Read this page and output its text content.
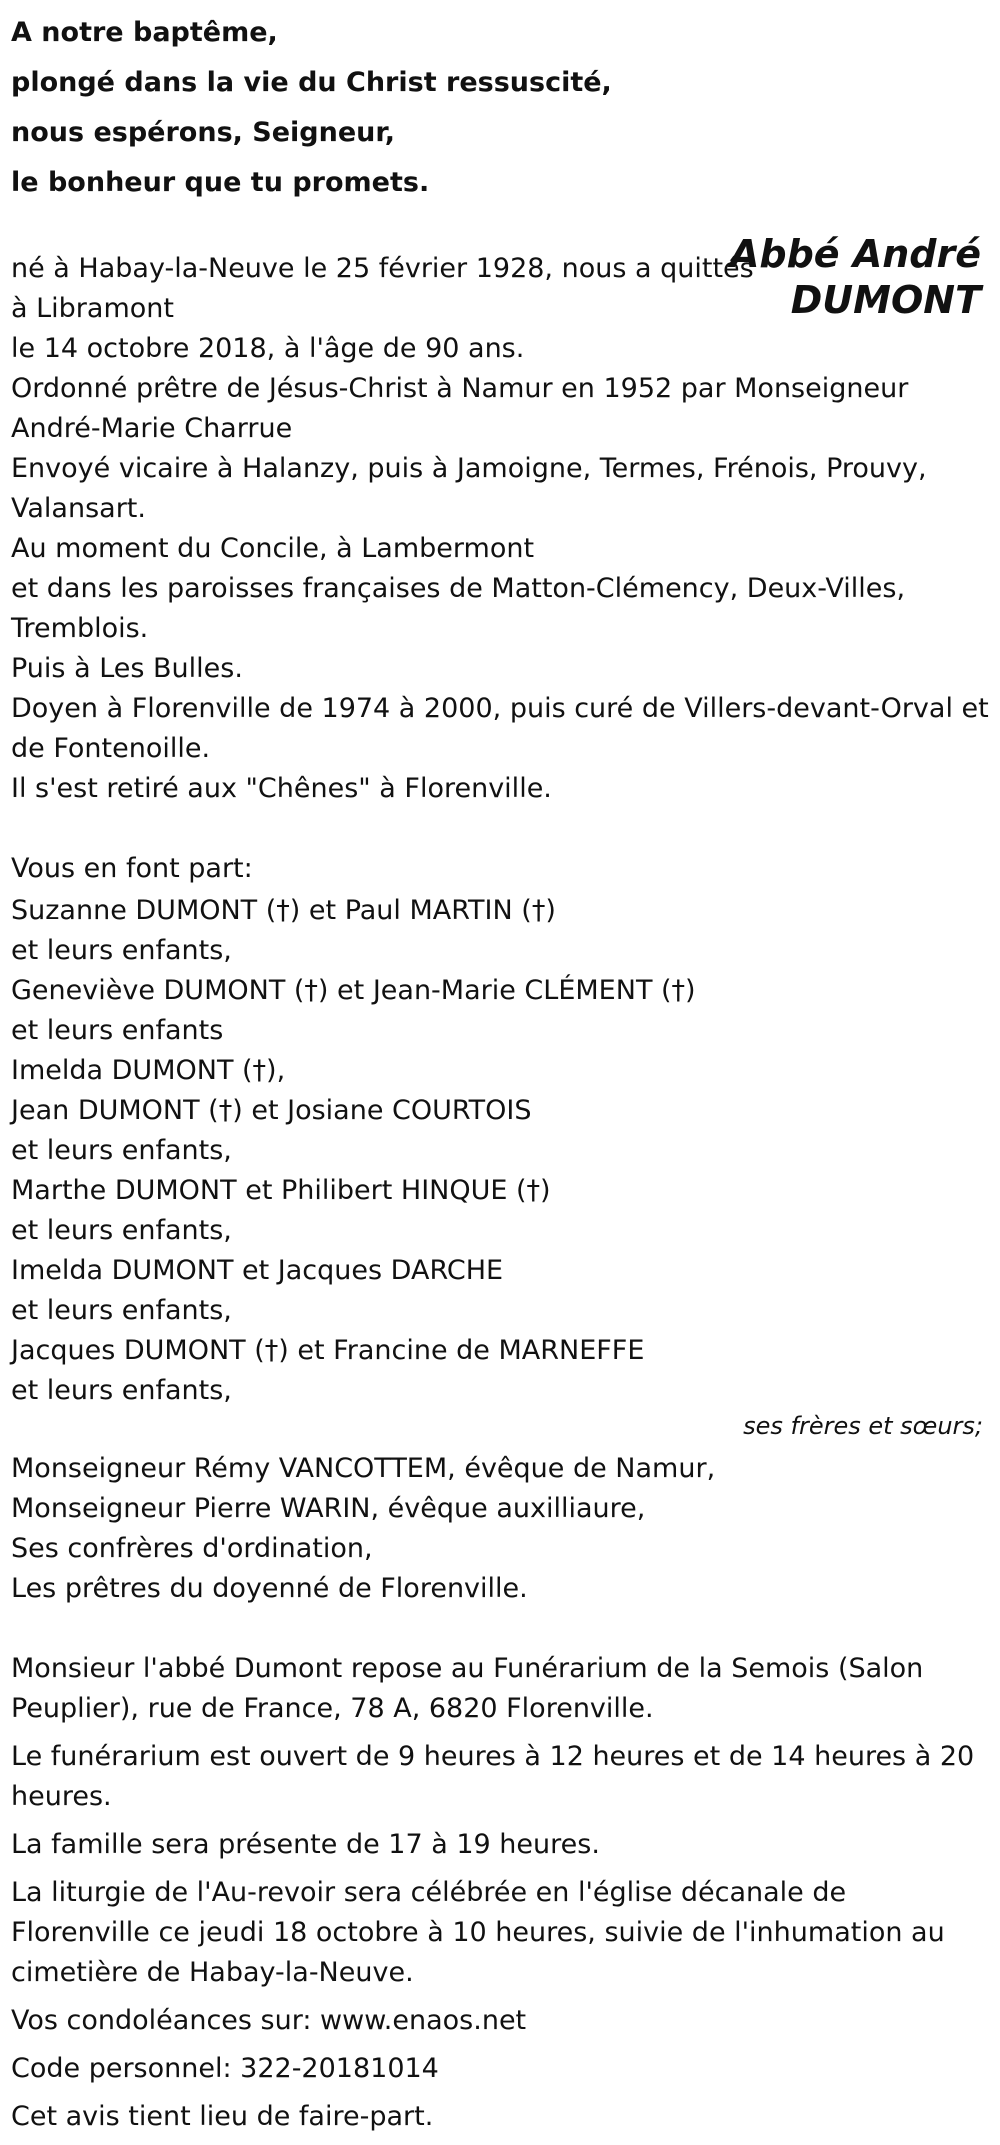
A notre baptême,
plongé dans la vie du Christ ressuscité,
nous espérons, Seigneur,
le bonheur que tu promets.
Abbé André
DUMONT
né à Habay-la-Neuve le 25 février 1928, nous a quittés
à Libramont
le 14 octobre 2018, à l'âge de 90 ans.
Ordonné prêtre de Jésus-Christ à Namur en 1952 par Monseigneur
André-Marie Charrue
Envoyé vicaire à Halanzy, puis à Jamoigne, Termes, Frénois, Prouvy,
Valansart.
Au moment du Concile, à Lambermont
et dans les paroisses françaises de Matton-Clémency, Deux-Villes,
Tremblois.
Puis à Les Bulles.
Doyen à Florenville de 1974 à 2000, puis curé de Villers-devant-Orval et
de Fontenoille.
Il s'est retiré aux "Chênes" à Florenville.
Vous en font part:
Suzanne DUMONT (†) et Paul MARTIN (†)
et leurs enfants,
Geneviève DUMONT (†) et Jean-Marie CLÉMENT (†)
et leurs enfants
Imelda DUMONT (†),
Jean DUMONT (†) et Josiane COURTOIS
et leurs enfants,
Marthe DUMONT et Philibert HINQUE (†)
et leurs enfants,
Imelda DUMONT et Jacques DARCHE
et leurs enfants,
Jacques DUMONT (†) et Francine de MARNEFFE
et leurs enfants,
ses frères et sœurs;
Monseigneur Rémy VANCOTTEM, évêque de Namur,
Monseigneur Pierre WARIN, évêque auxilliaure,
Ses confrères d'ordination,
Les prêtres du doyenné de Florenville.
Monsieur l'abbé Dumont repose au Funérarium de la Semois (Salon Peuplier), rue de France, 78 A, 6820 Florenville.
Le funérarium est ouvert de 9 heures à 12 heures et de 14 heures à 20 heures.
La famille sera présente de 17 à 19 heures.
La liturgie de l'Au-revoir sera célébrée en l'église décanale de Florenville ce jeudi 18 octobre à 10 heures, suivie de l'inhumation au cimetière de Habay-la-Neuve.
Vos condoléances sur: www.enaos.net
Code personnel: 322-20181014
Cet avis tient lieu de faire-part.
